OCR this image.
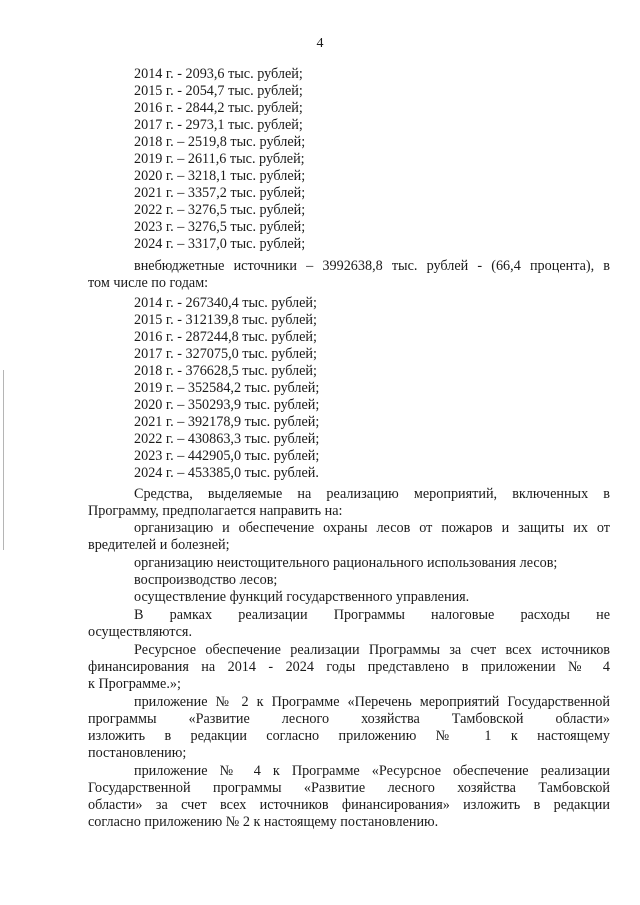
4
2014 г. - 2093,6 тыс. рублей;
2015 г. - 2054,7 тыс. рублей;
2016 г. - 2844,2 тыс. рублей;
2017 г. - 2973,1 тыс. рублей;
2018 г. – 2519,8 тыс. рублей;
2019 г. – 2611,6 тыс. рублей;
2020 г. – 3218,1 тыс. рублей;
2021 г. – 3357,2 тыс. рублей;
2022 г. – 3276,5 тыс. рублей;
2023 г. – 3276,5 тыс. рублей;
2024 г. – 3317,0 тыс. рублей;
внебюджетные источники – 3992638,8 тыс. рублей - (66,4 процента), в
том числе по годам:
2014 г. - 267340,4 тыс. рублей;
2015 г. - 312139,8 тыс. рублей;
2016 г. - 287244,8 тыс. рублей;
2017 г. - 327075,0 тыс. рублей;
2018 г. - 376628,5 тыс. рублей;
2019 г. – 352584,2 тыс. рублей;
2020 г. – 350293,9 тыс. рублей;
2021 г. – 392178,9 тыс. рублей;
2022 г. – 430863,3 тыс. рублей;
2023 г. – 442905,0 тыс. рублей;
2024 г. – 453385,0 тыс. рублей.
Средства, выделяемые на реализацию мероприятий, включенных в
Программу, предполагается направить на:
организацию и обеспечение охраны лесов от пожаров и защиты их от
вредителей и болезней;
организацию неистощительного рационального использования лесов;
воспроизводство лесов;
осуществление функций государственного управления.
В рамках реализации Программы налоговые расходы не
осуществляются.
Ресурсное обеспечение реализации Программы за счет всех источников
финансирования на 2014 - 2024 годы представлено в приложении № 4
к Программе.»;
приложение № 2 к Программе «Перечень мероприятий Государственной
программы «Развитие лесного хозяйства Тамбовской области»
изложить в редакции согласно приложению № 1 к настоящему
постановлению;
приложение № 4 к Программе «Ресурсное обеспечение реализации
Государственной программы «Развитие лесного хозяйства Тамбовской
области» за счет всех источников финансирования» изложить в редакции
согласно приложению № 2 к настоящему постановлению.
